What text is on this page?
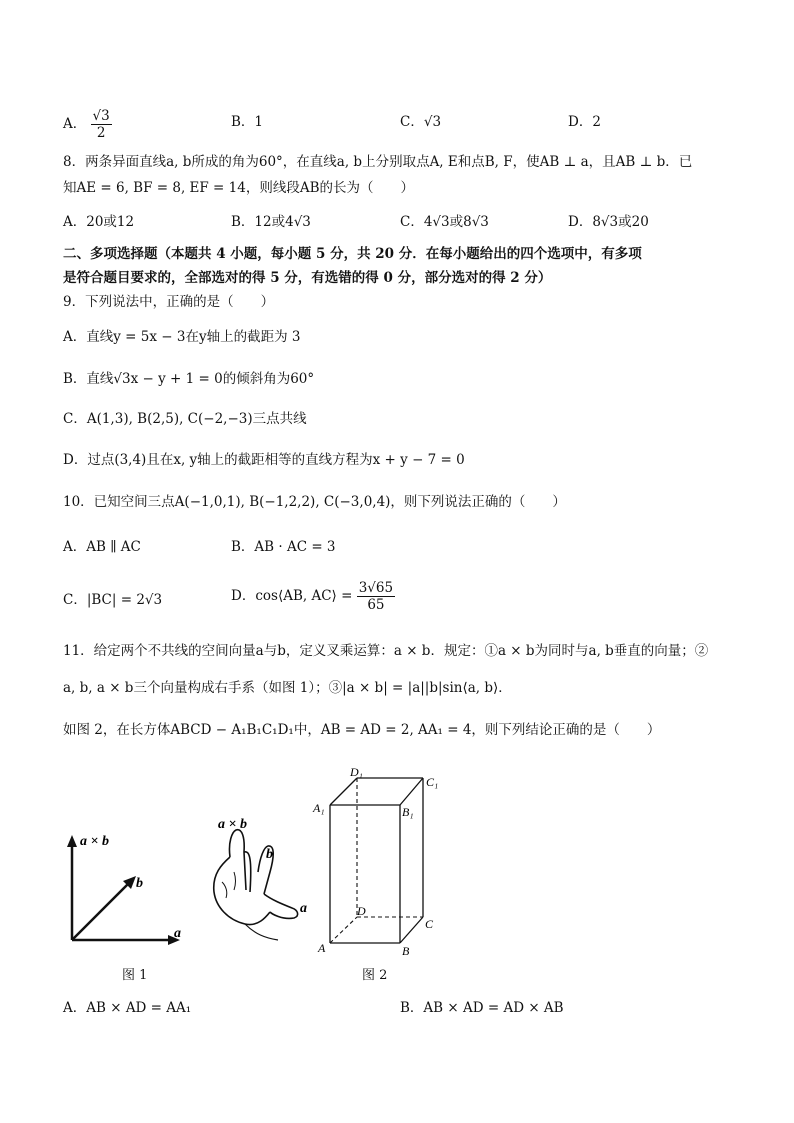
A． $\frac{√3}{2}$	B．1	C．√3	D．2
8．两条异面直线a, b所成的角为60°，在直线a, b上分别取点A, E和点B, F，使AB ⊥ a，且AB ⊥ b．已
知AE = 6, BF = 8, EF = 14，则线段AB的长为（　　）
A．20或12	B．12或4√3	C．4√3或8√3	D．8√3或20
二、多项选择题（本题共 4 小题，每小题 5 分，共 20 分．在每小题给出的四个选项中，有多项
是符合题目要求的，全部选对的得 5 分，有选错的得 0 分，部分选对的得 2 分）
9．下列说法中，正确的是（　　）
A．直线y = 5x − 3在y轴上的截距为 3
B．直线√3x − y + 1 = 0的倾斜角为60°
C．A(1,3), B(2,5), C(−2,−3)三点共线
D．过点(3,4)且在x, y轴上的截距相等的直线方程为x + y − 7 = 0
10．已知空间三点A(−1,0,1), B(−1,2,2), C(−3,0,4)，则下列说法正确的（　　）
A．AB ∥ AC	B．AB · AC = 3
C．|BC| = 2√3	D．cos⟨AB, AC⟩ = $\frac{3√65}{65}$
11．给定两个不共线的空间向量a与b，定义叉乘运算：a × b．规定：①a × b为同时与a, b垂直的向量；②
a, b, a × b三个向量构成右手系（如图 1）；③|a × b| = |a||b|sin⟨a, b⟩．
如图 2，在长方体ABCD − A₁B₁C₁D₁中，AB = AD = 2, AA₁ = 4，则下列结论正确的是（　　）
a × b
b
a
a × b
b
a
D₁
C₁
A₁	B₁
D
C
A	B
图 1	图 2
A．AB × AD = AA₁	B．AB × AD = AD × AB
